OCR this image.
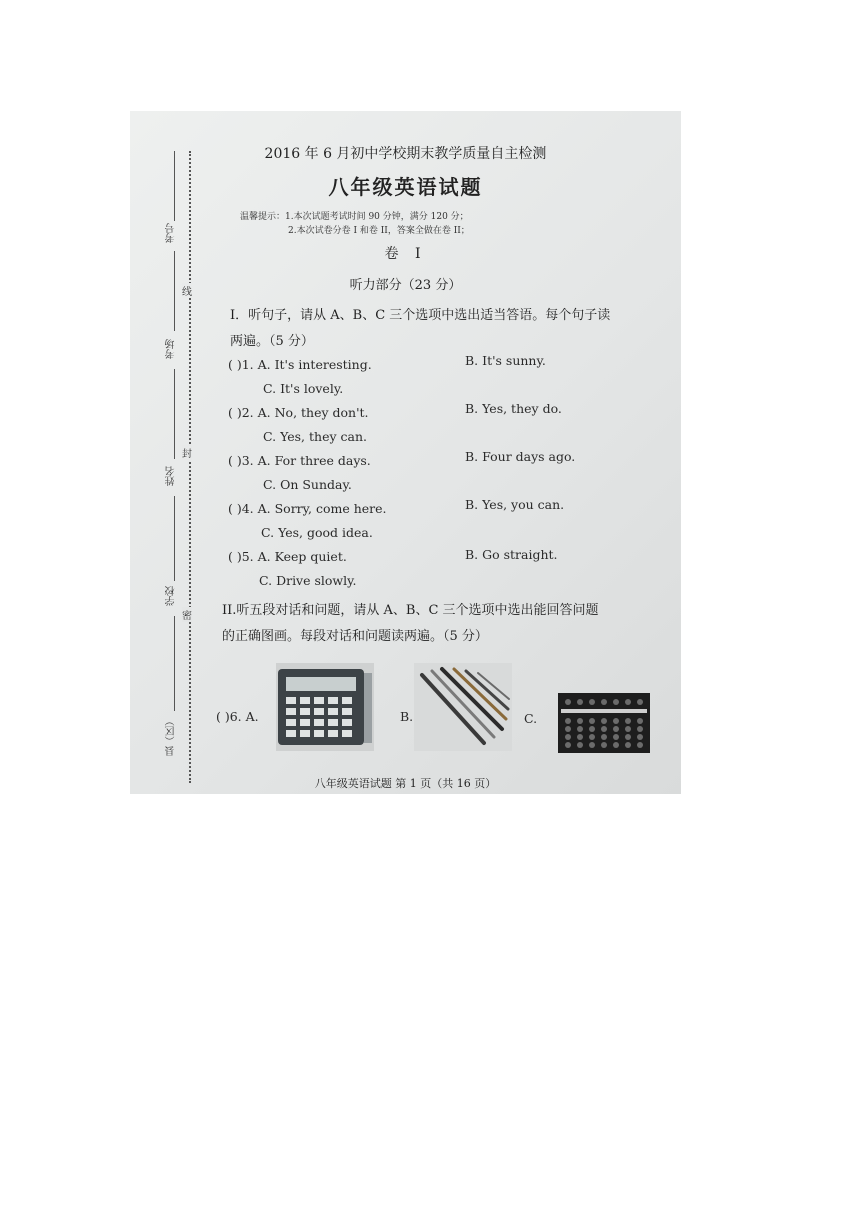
考号
考场
姓名
学校
县（区）
线
封
密
2016 年 6 月初中学校期末教学质量自主检测
八年级英语试题
温馨提示：1.本次试题考试时间 90 分钟，满分 120 分；
2.本次试卷分卷 I 和卷 II，答案全做在卷 II；
卷 I
听力部分（23 分）
I．听句子，请从 A、B、C 三个选项中选出适当答语。每个句子读
两遍。（5 分）
( )1. A. It's interesting.	B. It's sunny.
C. It's lovely.
( )2. A. No, they don't.	B. Yes, they do.
C. Yes, they can.
( )3. A. For three days.	B. Four days ago.
C. On Sunday.
( )4. A. Sorry, come here.	B. Yes, you can.
C. Yes, good idea.
( )5. A. Keep quiet.	B. Go straight.
C. Drive slowly.
II.听五段对话和问题，请从 A、B、C 三个选项中选出能回答问题
的正确图画。每段对话和问题读两遍。（5 分）
( )6. A.	B.	C.
八年级英语试题 第 1 页（共 16 页）
